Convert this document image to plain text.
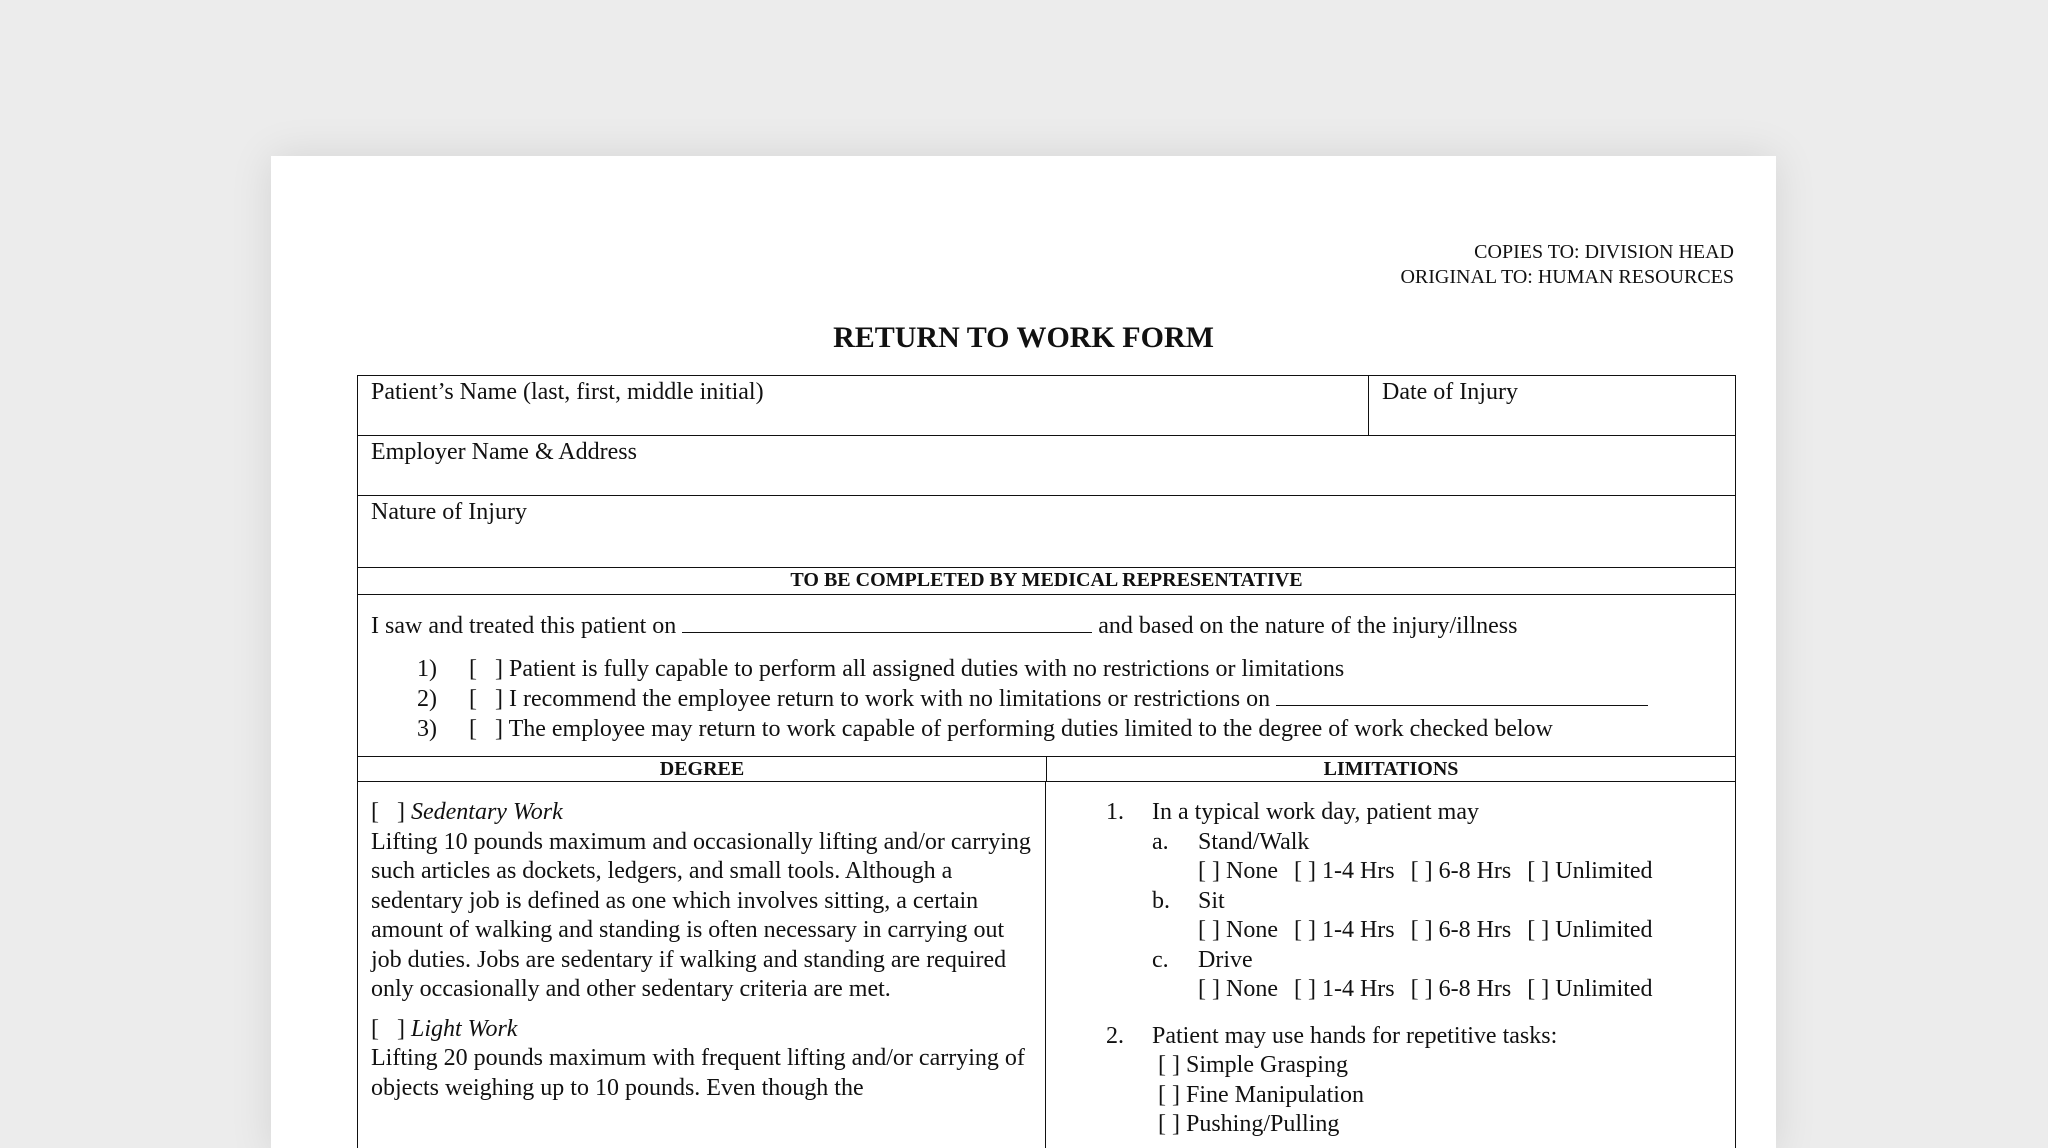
COPIES TO: DIVISION HEAD
ORIGINAL TO: HUMAN RESOURCES
RETURN TO WORK FORM
Patient’s Name (last, first, middle initial)	Date of Injury
Employer Name & Address
Nature of Injury
TO BE COMPLETED BY MEDICAL REPRESENTATIVE
I saw and treated this patient on	and based on the nature of the injury/illness
1) [   ] Patient is fully capable to perform all assigned duties with no restrictions or limitations
2) [   ] I recommend the employee return to work with no limitations or restrictions on
3) [   ] The employee may return to work capable of performing duties limited to the degree of work checked below
DEGREE	LIMITATIONS
[   ] Sedentary Work
Lifting 10 pounds maximum and occasionally lifting and/or carrying such articles as dockets, ledgers, and small tools. Although a sedentary job is defined as one which involves sitting, a certain amount of walking and standing is often necessary in carrying out job duties. Jobs are sedentary if walking and standing are required only occasionally and other sedentary criteria are met.
[   ] Light Work
Lifting 20 pounds maximum with frequent lifting and/or carrying of objects weighing up to 10 pounds. Even though the
1.	In a typical work day, patient may
a.	Stand/Walk
[ ] None [ ] 1-4 Hrs [ ] 6-8 Hrs [ ] Unlimited
b.	Sit
[ ] None [ ] 1-4 Hrs [ ] 6-8 Hrs [ ] Unlimited
c.	Drive
[ ] None [ ] 1-4 Hrs [ ] 6-8 Hrs [ ] Unlimited
2.	Patient may use hands for repetitive tasks:
[ ] Simple Grasping
[ ] Fine Manipulation
[ ] Pushing/Pulling
